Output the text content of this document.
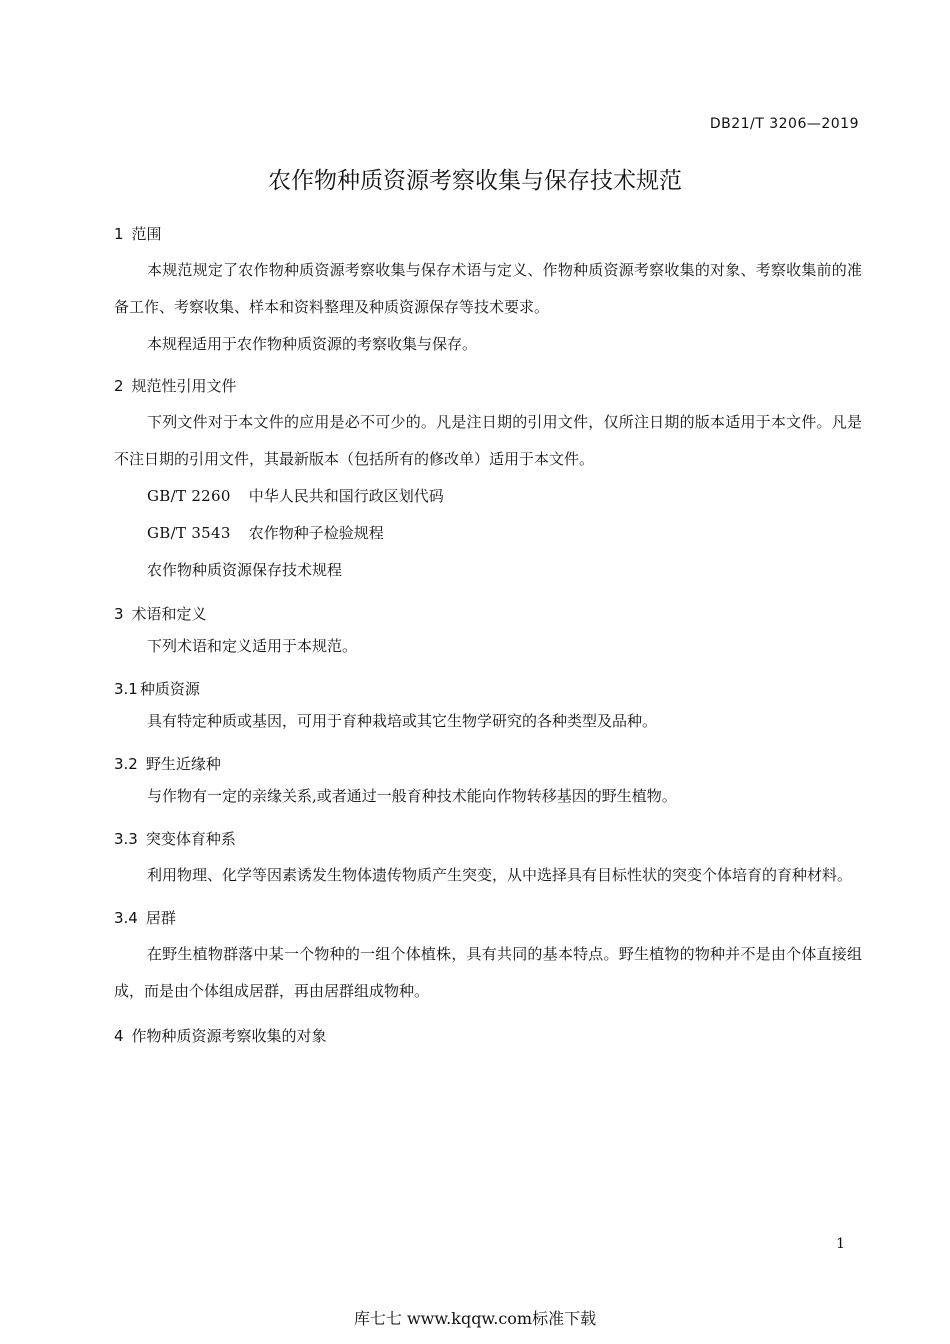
DB21/T 3206—2019
农作物种质资源考察收集与保存技术规范
1 范围

本规范规定了农作物种质资源考察收集与保存术语与定义、作物种质资源考察收集的对象、考察收集前的准备工作、考察收集、样本和资料整理及种质资源保存等技术要求。

本规程适用于农作物种质资源的考察收集与保存。

2 规范性引用文件

下列文件对于本文件的应用是必不可少的。凡是注日期的引用文件，仅所注日期的版本适用于本文件。凡是不注日期的引用文件，其最新版本（包括所有的修改单）适用于本文件。

GB/T 2260 中华人民共和国行政区划代码

GB/T 3543 农作物种子检验规程

农作物种质资源保存技术规程

3 术语和定义

下列术语和定义适用于本规范。

3.1 种质资源

具有特定种质或基因，可用于育种栽培或其它生物学研究的各种类型及品种。

3.2 野生近缘种

与作物有一定的亲缘关系,或者通过一般育种技术能向作物转移基因的野生植物。

3.3 突变体育种系

利用物理、化学等因素诱发生物体遗传物质产生突变，从中选择具有目标性状的突变个体培育的育种材料。

3.4 居群

在野生植物群落中某一个物种的一组个体植株，具有共同的基本特点。野生植物的物种并不是由个体直接组成，而是由个体组成居群，再由居群组成物种。

4 作物种质资源考察收集的对象
1
库七七 www.kqqw.com标准下载
